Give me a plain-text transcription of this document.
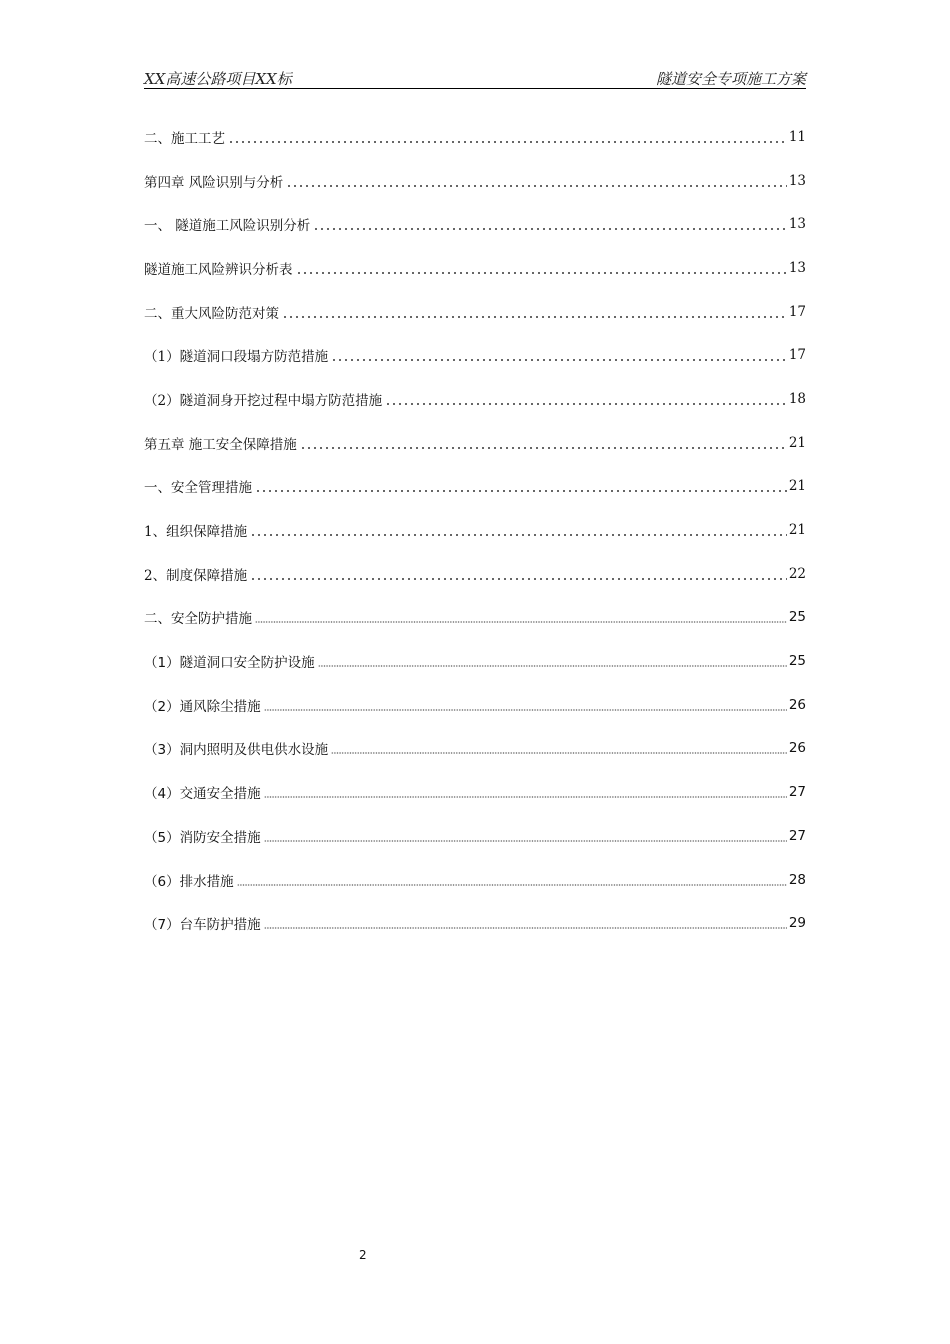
XX高速公路项目XX标	隧道安全专项施工方案
二、施工工艺	11
第四章 风险识别与分析	13
一、 隧道施工风险识别分析	13
隧道施工风险辨识分析表	13
二、重大风险防范对策	17
（1）隧道洞口段塌方防范措施	17
（2）隧道洞身开挖过程中塌方防范措施	18
第五章 施工安全保障措施	21
一、安全管理措施	21
1、组织保障措施	21
2、制度保障措施	22
二、安全防护措施	25
（1）隧道洞口安全防护设施	25
（2）通风除尘措施	26
（3）洞内照明及供电供水设施	26
（4）交通安全措施	27
（5）消防安全措施	27
（6）排水措施	28
（7）台车防护措施	29
2
